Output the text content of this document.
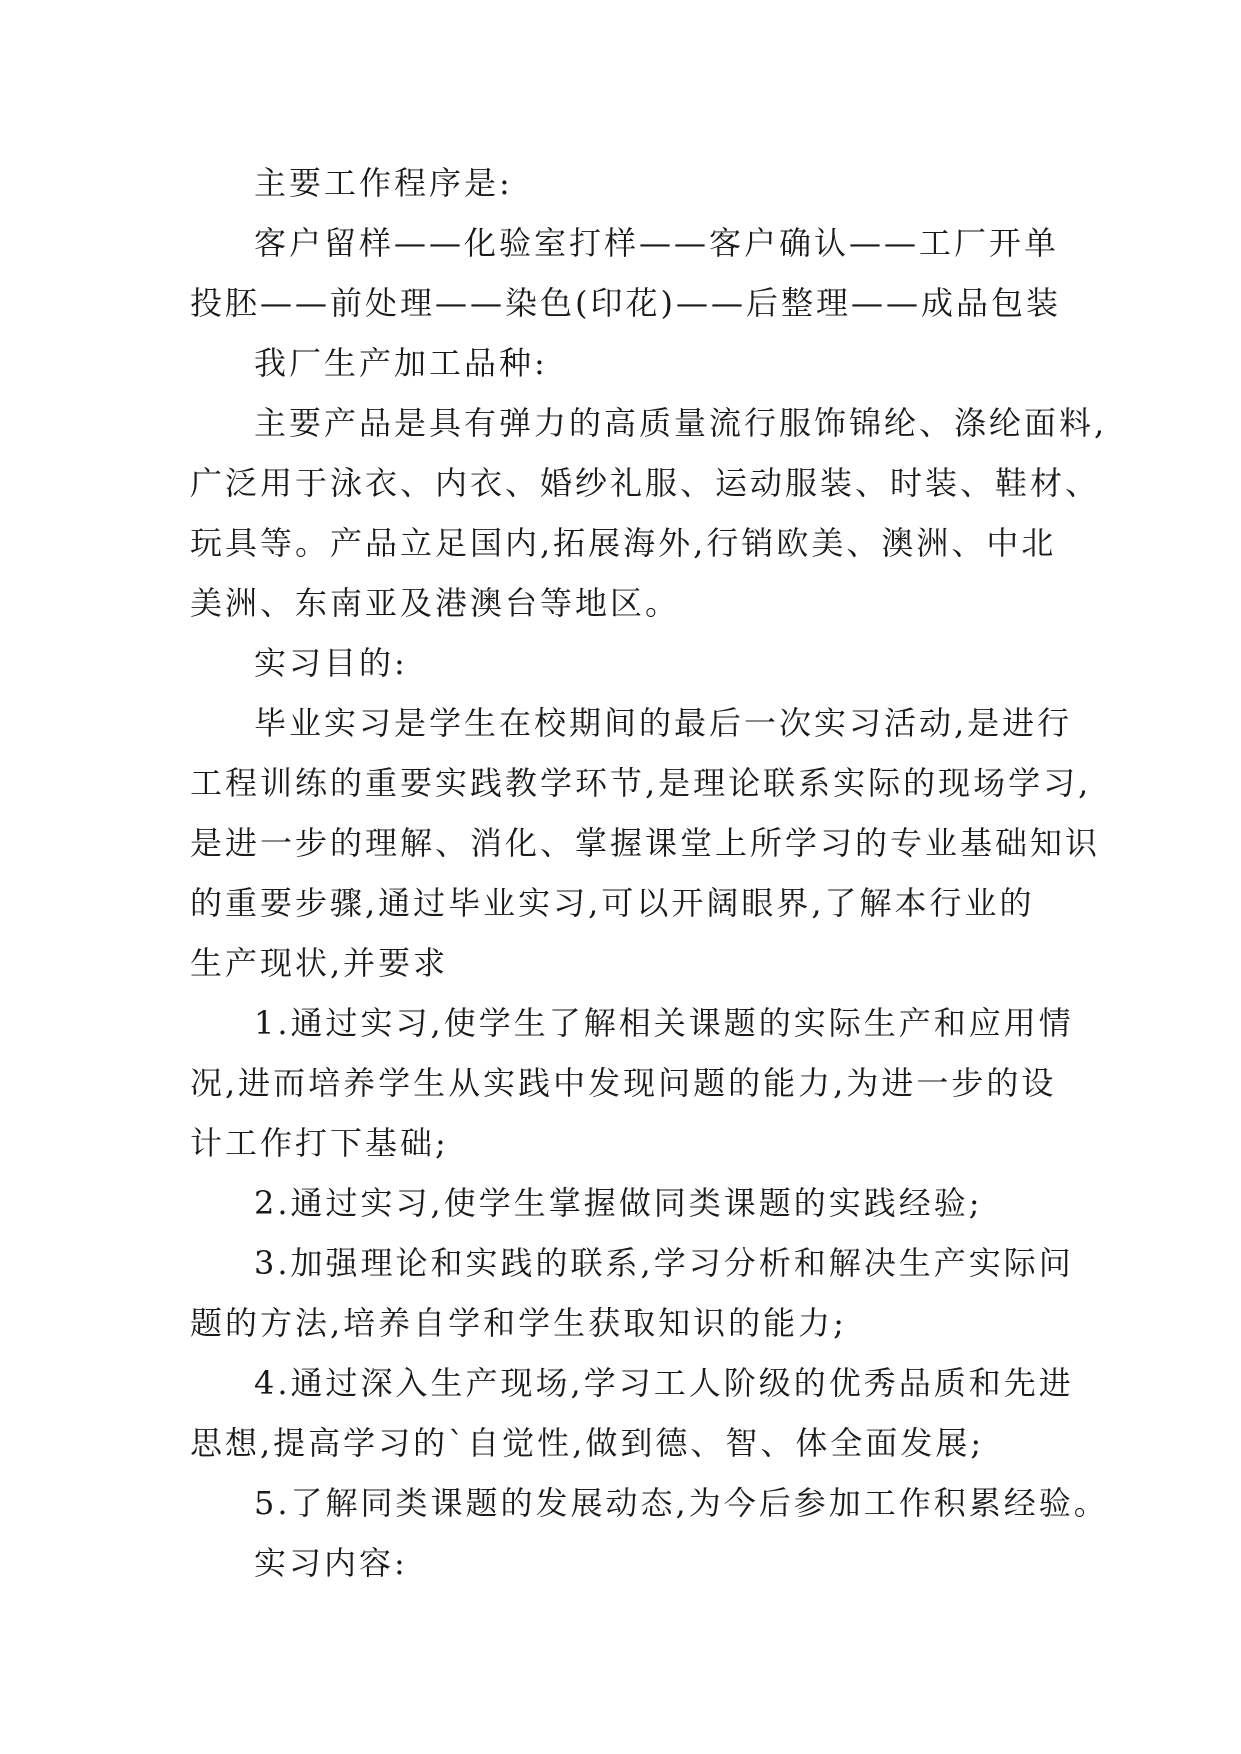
主要工作程序是:
客户留样——化验室打样——客户确认——工厂开单
投胚——前处理——染色(印花)——后整理——成品包装
我厂生产加工品种:
主要产品是具有弹力的高质量流行服饰锦纶、涤纶面料,
广泛用于泳衣、内衣、婚纱礼服、运动服装、时装、鞋材、
玩具等。产品立足国内,拓展海外,行销欧美、澳洲、中北
美洲、东南亚及港澳台等地区。
实习目的:
毕业实习是学生在校期间的最后一次实习活动,是进行
工程训练的重要实践教学环节,是理论联系实际的现场学习,
是进一步的理解、消化、掌握课堂上所学习的专业基础知识
的重要步骤,通过毕业实习,可以开阔眼界,了解本行业的
生产现状,并要求
1.通过实习,使学生了解相关课题的实际生产和应用情
况,进而培养学生从实践中发现问题的能力,为进一步的设
计工作打下基础;
2.通过实习,使学生掌握做同类课题的实践经验;
3.加强理论和实践的联系,学习分析和解决生产实际问
题的方法,培养自学和学生获取知识的能力;
4.通过深入生产现场,学习工人阶级的优秀品质和先进
思想,提高学习的`自觉性,做到德、智、体全面发展;
5.了解同类课题的发展动态,为今后参加工作积累经验。
实习内容:
